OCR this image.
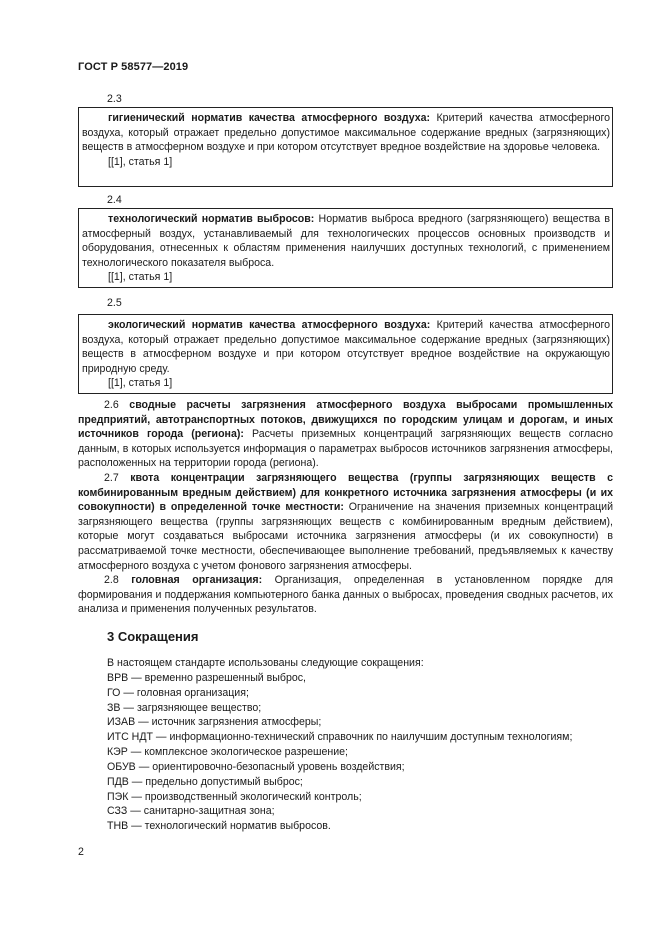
ГОСТ Р 58577—2019
2.3

гигиенический норматив качества атмосферного воздуха: Критерий качества атмосферного воздуха, который отражает предельно допустимое максимальное содержание вредных (загрязняющих) веществ в атмосферном воздухе и при котором отсутствует вредное воздействие на здоровье человека.

[[1], статья 1]

2.4

технологический норматив выбросов: Норматив выброса вредного (загрязняющего) вещества в атмосферный воздух, устанавливаемый для технологических процессов основных производств и оборудования, отнесенных к областям применения наилучших доступных технологий, с применением технологического показателя выброса.

[[1], статья 1]

2.5

экологический норматив качества атмосферного воздуха: Критерий качества атмосферного воздуха, который отражает предельно допустимое максимальное содержание вредных (загрязняющих) веществ в атмосферном воздухе и при котором отсутствует вредное воздействие на окружающую природную среду.

[[1], статья 1]

2.6 сводные расчеты загрязнения атмосферного воздуха выбросами промышленных предприятий, автотранспортных потоков, движущихся по городским улицам и дорогам, и иных источников города (региона): Расчеты приземных концентраций загрязняющих веществ согласно данным, в которых используется информация о параметрах выбросов источников загрязнения атмосферы, расположенных на территории города (региона).

2.7 квота концентрации загрязняющего вещества (группы загрязняющих веществ с комбинированным вредным действием) для конкретного источника загрязнения атмосферы (и их совокупности) в определенной точке местности: Ограничение на значения приземных концентраций загрязняющего вещества (группы загрязняющих веществ с комбинированным вредным действием), которые могут создаваться выбросами источника загрязнения атмосферы (и их совокупности) в рассматриваемой точке местности, обеспечивающее выполнение требований, предъявляемых к качеству атмосферного воздуха с учетом фонового загрязнения атмосферы.

2.8 головная организация: Организация, определенная в установленном порядке для формирования и поддержания компьютерного банка данных о выбросах, проведения сводных расчетов, их анализа и применения полученных результатов.

3 Сокращения
В настоящем стандарте использованы следующие сокращения:
ВРВ — временно разрешенный выброс,
ГО — головная организация;
ЗВ — загрязняющее вещество;
ИЗАВ — источник загрязнения атмосферы;
ИТС НДТ — информационно-технический справочник по наилучшим доступным технологиям;
КЭР — комплексное экологическое разрешение;
ОБУВ — ориентировочно-безопасный уровень воздействия;
ПДВ — предельно допустимый выброс;
ПЭК — производственный экологический контроль;
СЗЗ — санитарно-защитная зона;
ТНВ — технологический норматив выбросов.
2
